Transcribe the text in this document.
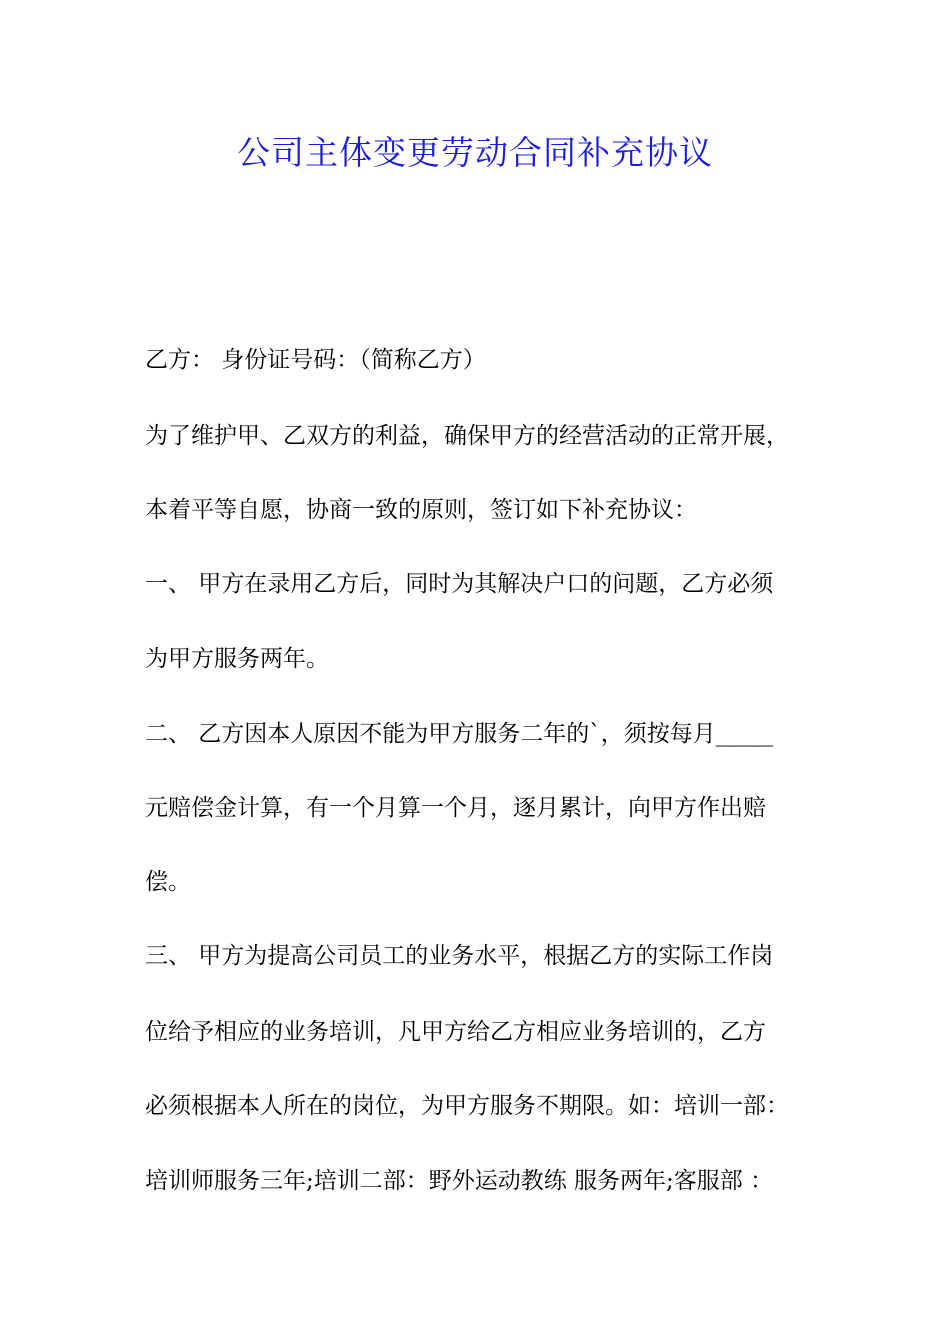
公司主体变更劳动合同补充协议
乙方： 身份证号码：（简称乙方）
为了维护甲、乙双方的利益，确保甲方的经营活动的正常开展，
本着平等自愿，协商一致的原则，签订如下补充协议：
一、 甲方在录用乙方后，同时为其解决户口的问题，乙方必须
为甲方服务两年。
二、 乙方因本人原因不能为甲方服务二年的`，须按每月_____
元赔偿金计算，有一个月算一个月，逐月累计，向甲方作出赔
偿。
三、 甲方为提高公司员工的业务水平，根据乙方的实际工作岗
位给予相应的业务培训，凡甲方给乙方相应业务培训的，乙方
必须根据本人所在的岗位，为甲方服务不期限。如：培训一部：
培训师服务三年;培训二部：野外运动教练 服务两年;客服部 ：
